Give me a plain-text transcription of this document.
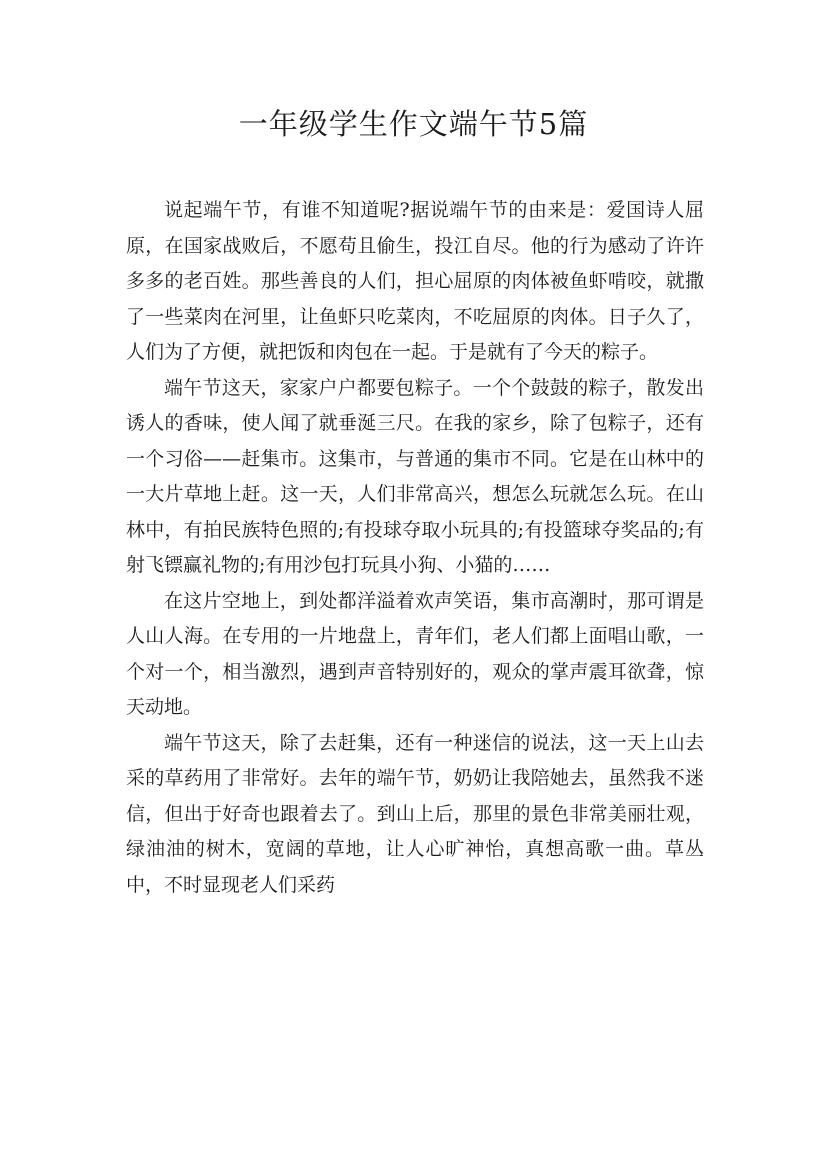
一年级学生作文端午节5篇

说起端午节，有谁不知道呢?据说端午节的由来是：爱国诗人屈原，在国家战败后，不愿苟且偷生，投江自尽。他的行为感动了许许多多的老百姓。那些善良的人们，担心屈原的肉体被鱼虾啃咬，就撒了一些菜肉在河里，让鱼虾只吃菜肉，不吃屈原的肉体。日子久了，人们为了方便，就把饭和肉包在一起。于是就有了今天的粽子。

端午节这天，家家户户都要包粽子。一个个鼓鼓的粽子，散发出诱人的香味，使人闻了就垂涎三尺。在我的家乡，除了包粽子，还有一个习俗——赶集市。这集市，与普通的集市不同。它是在山林中的一大片草地上赶。这一天，人们非常高兴，想怎么玩就怎么玩。在山林中，有拍民族特色照的;有投球夺取小玩具的;有投篮球夺奖品的;有射飞镖赢礼物的;有用沙包打玩具小狗、小猫的……

在这片空地上，到处都洋溢着欢声笑语，集市高潮时，那可谓是人山人海。在专用的一片地盘上，青年们，老人们都上面唱山歌，一个对一个，相当激烈，遇到声音特别好的，观众的掌声震耳欲聋，惊天动地。

端午节这天，除了去赶集，还有一种迷信的说法，这一天上山去采的草药用了非常好。去年的端午节，奶奶让我陪她去，虽然我不迷信，但出于好奇也跟着去了。到山上后，那里的景色非常美丽壮观，绿油油的树木，宽阔的草地，让人心旷神怡，真想高歌一曲。草丛中，不时显现老人们采药
